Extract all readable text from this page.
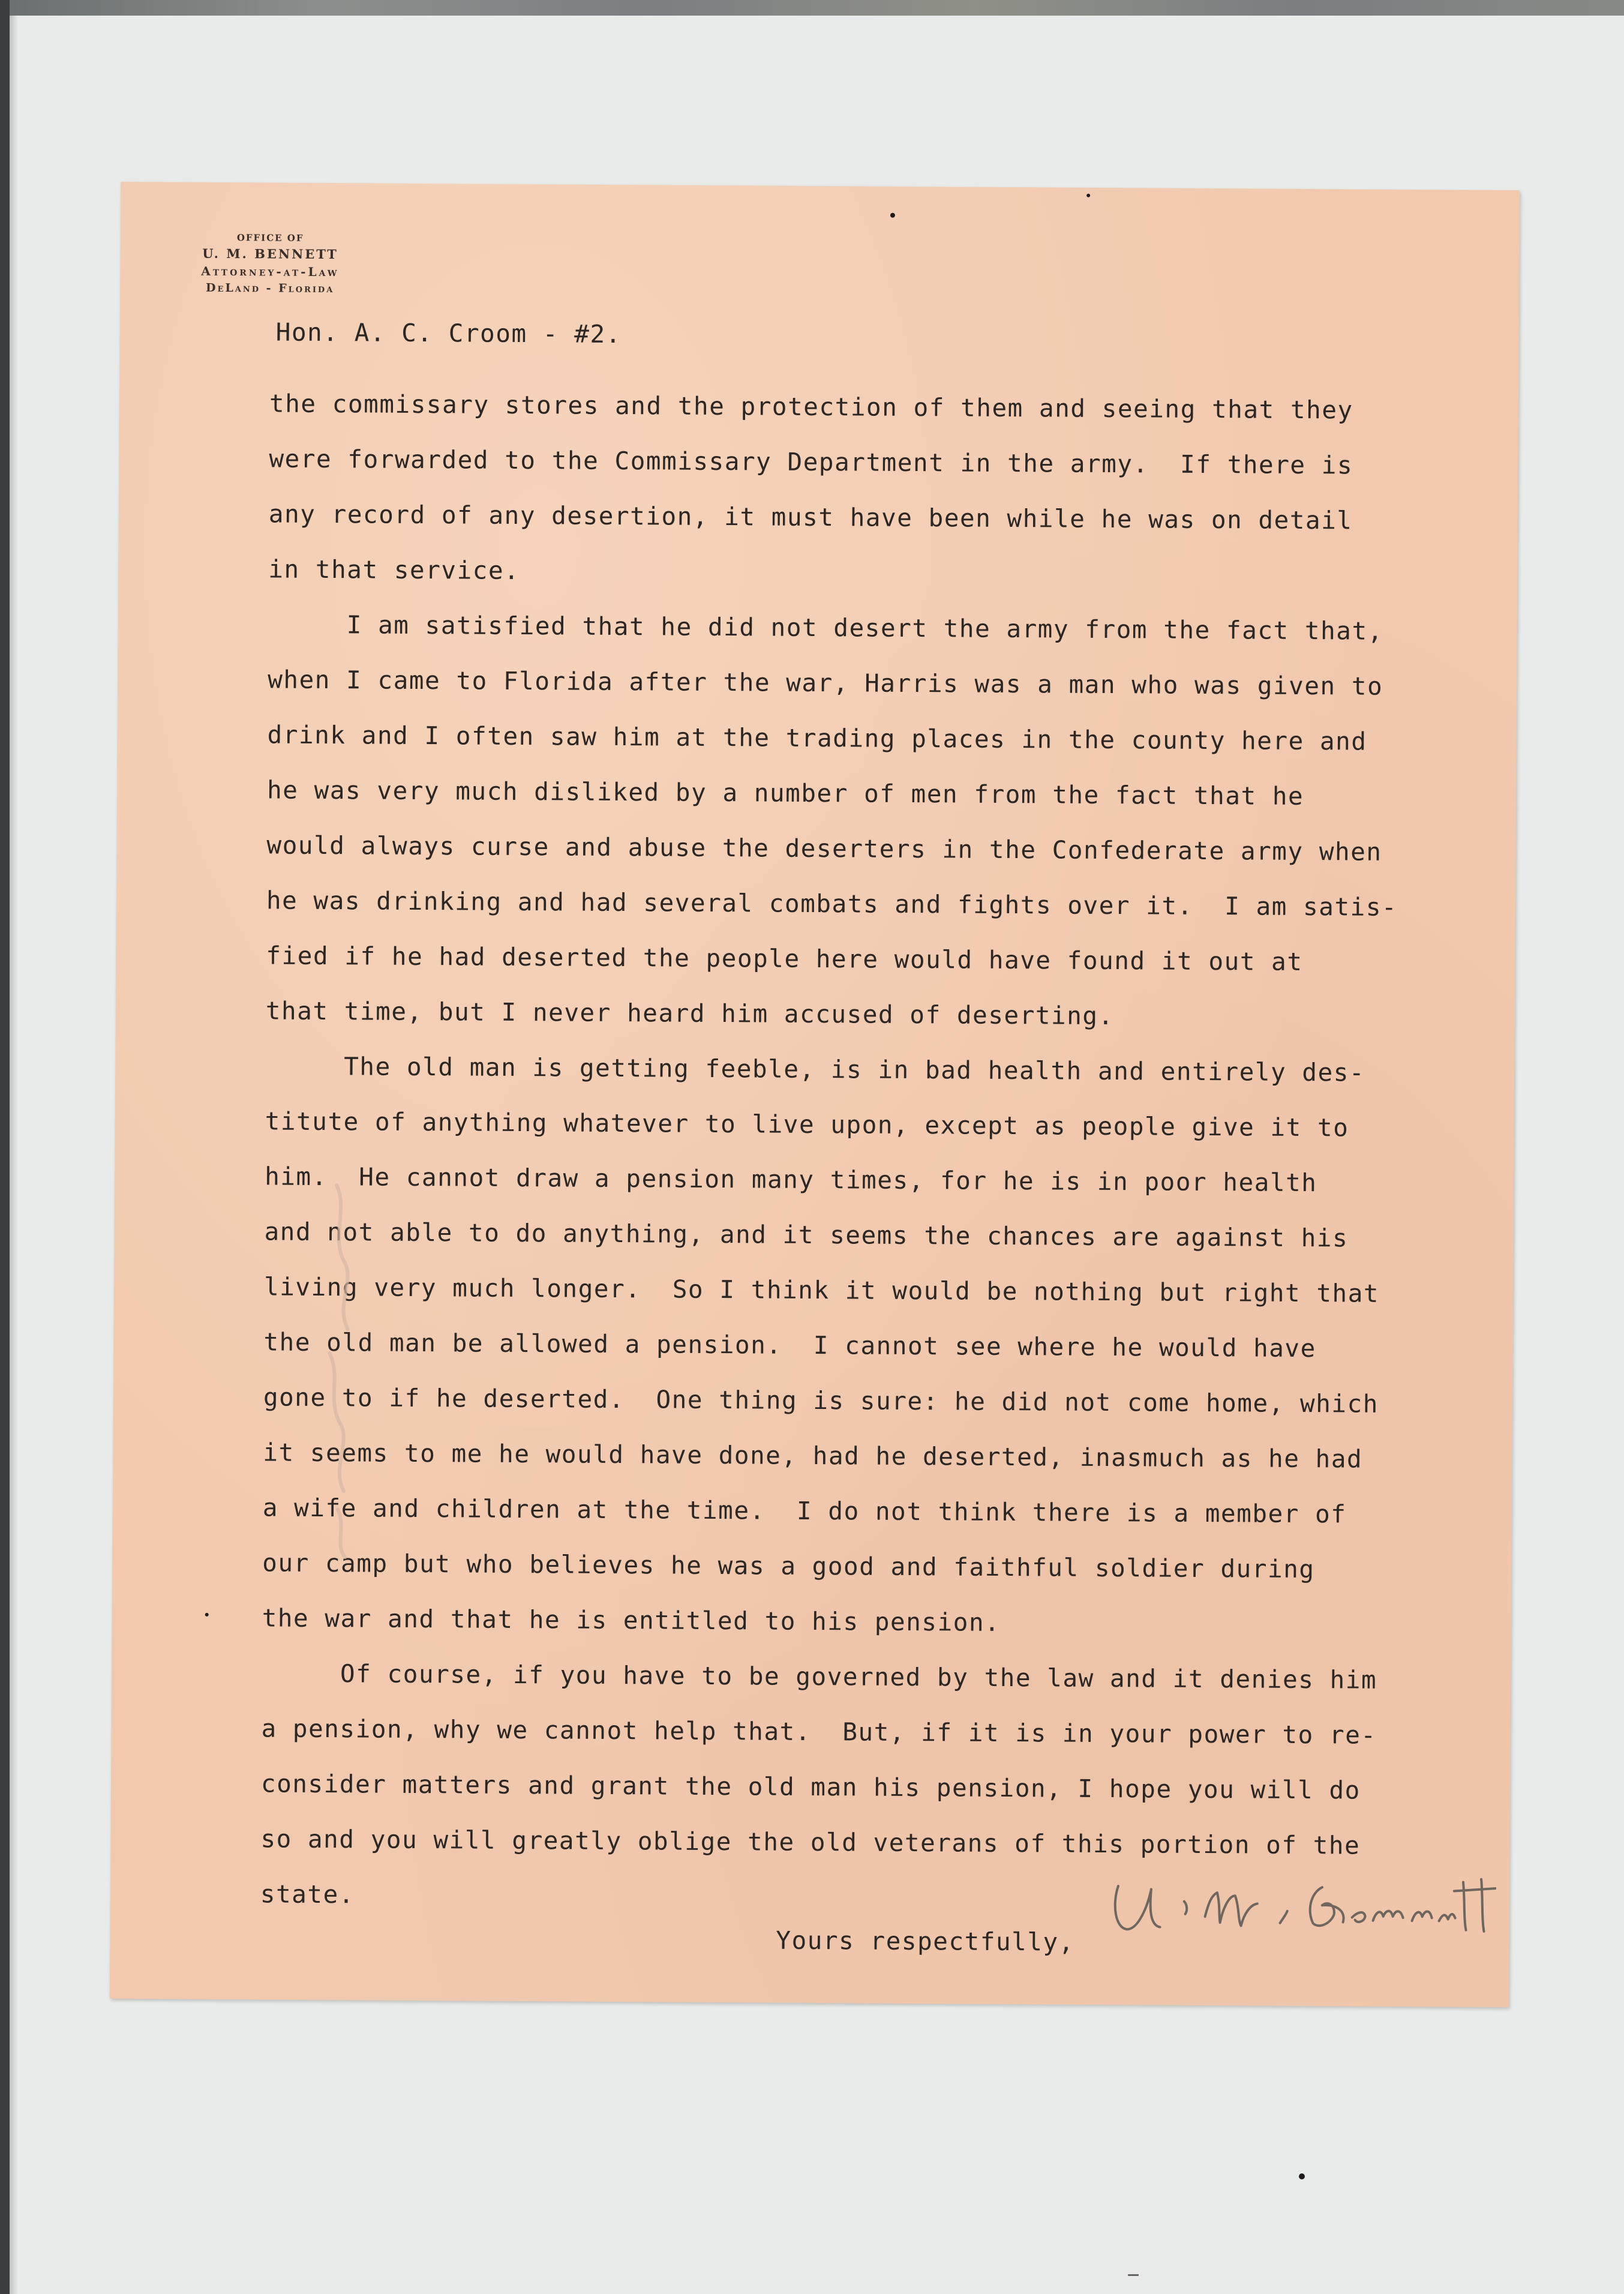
OFFICE OF
U. M. BENNETT
Attorney-at-Law
DeLand - Florida
Hon. A. C. Croom - #2.

the commissary stores and the protection of them and seeing that they

were forwarded to the Commissary Department in the army.  If there is

any record of any desertion, it must have been while he was on detail

in that service.

I am satisfied that he did not desert the army from the fact that,

when I came to Florida after the war, Harris was a man who was given to

drink and I often saw him at the trading places in the county here and

he was very much disliked by a number of men from the fact that he

would always curse and abuse the deserters in the Confederate army when

he was drinking and had several combats and fights over it.  I am satis-

fied if he had deserted the people here would have found it out at

that time, but I never heard him accused of deserting.

The old man is getting feeble, is in bad health and entirely des-

titute of anything whatever to live upon, except as people give it to

him.  He cannot draw a pension many times, for he is in poor health

and not able to do anything, and it seems the chances are against his

living very much longer.  So I think it would be nothing but right that

the old man be allowed a pension.  I cannot see where he would have

gone to if he deserted.  One thing is sure: he did not come home, which

it seems to me he would have done, had he deserted, inasmuch as he had

a wife and children at the time.  I do not think there is a member of

our camp but who believes he was a good and faithful soldier during

the war and that he is entitled to his pension.

Of course, if you have to be governed by the law and it denies him

a pension, why we cannot help that.  But, if it is in your power to re-

consider matters and grant the old man his pension, I hope you will do

so and you will greatly oblige the old veterans of this portion of the

state.

Yours respectfully,
